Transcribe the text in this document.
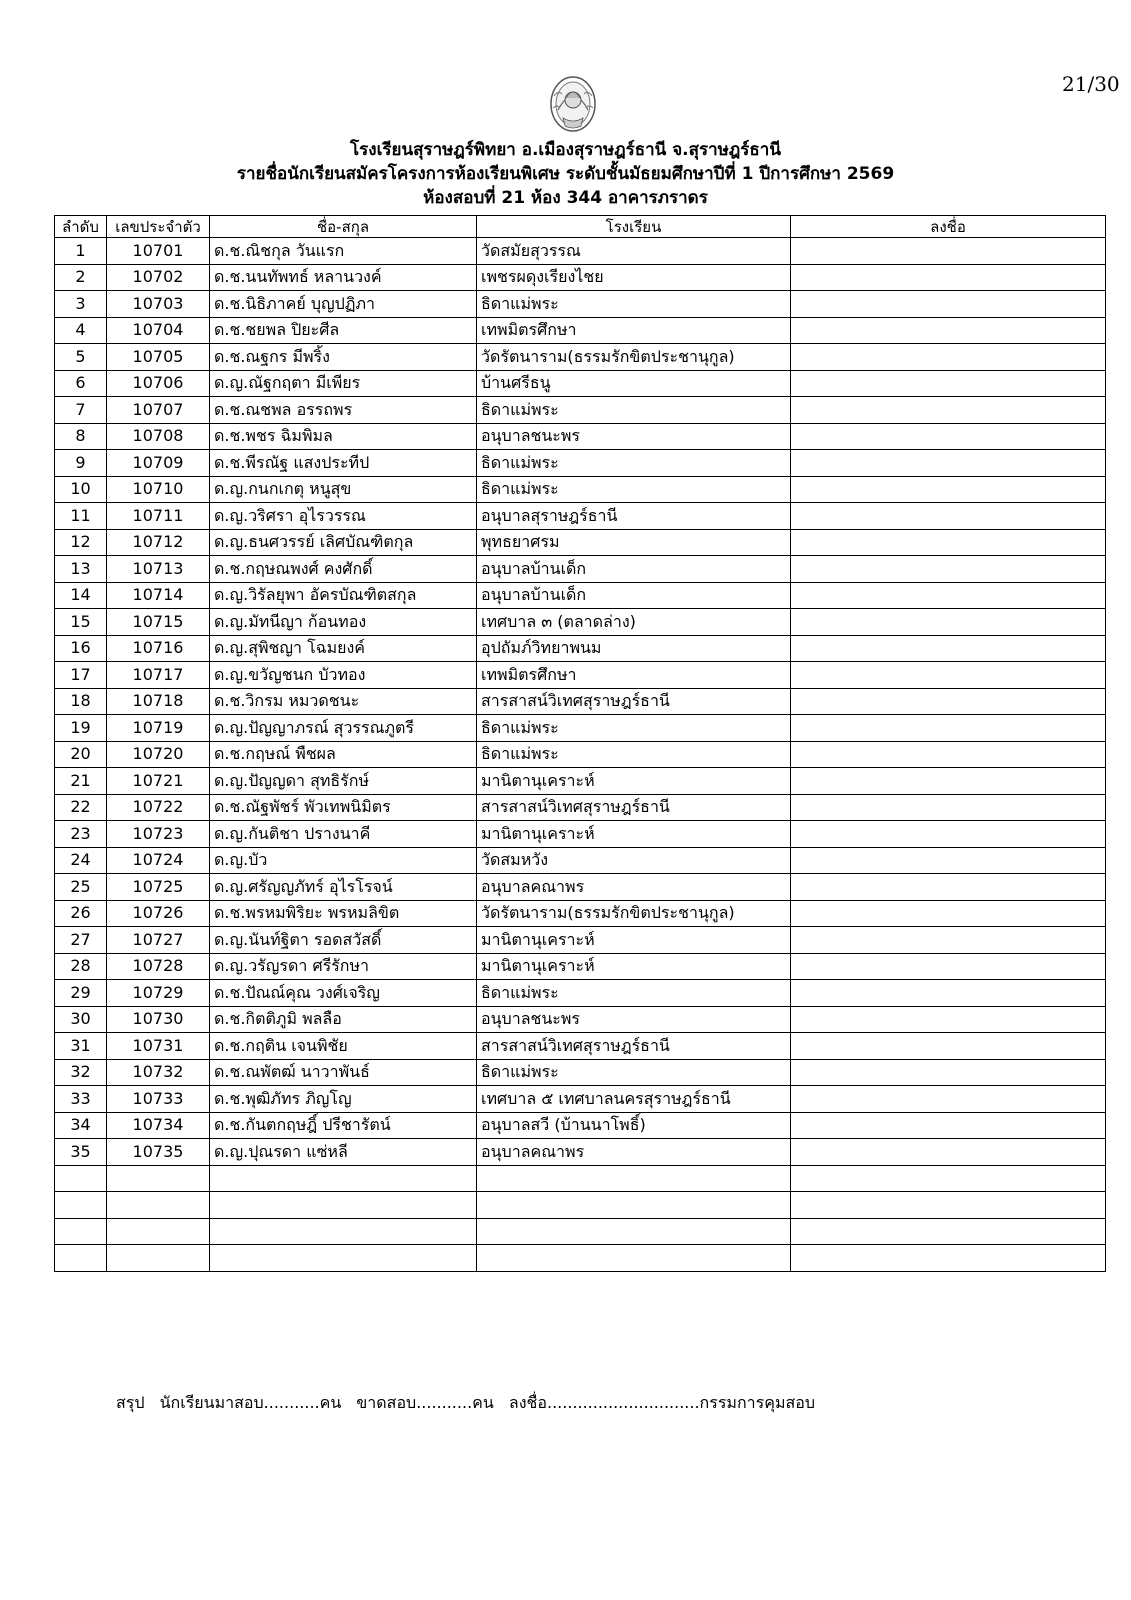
21/30
โรงเรียนสุราษฎร์พิทยา อ.เมืองสุราษฎร์ธานี จ.สุราษฎร์ธานี
รายชื่อนักเรียนสมัครโครงการห้องเรียนพิเศษ ระดับชั้นมัธยมศึกษาปีที่ 1 ปีการศึกษา 2569
ห้องสอบที่ 21 ห้อง 344 อาคารภราดร
ลำดับ	เลขประจำตัว	ชื่อ-สกุล	โรงเรียน	ลงชื่อ
1	10701	ด.ช.ณิชกุล วันแรก	วัดสมัยสุวรรณ	
2	10702	ด.ช.นนทัพทธ์ หลานวงค์	เพชรผดุงเรียงไชย	
3	10703	ด.ช.นิธิภาคย์ บุญปฏิภา	ธิดาแม่พระ	
4	10704	ด.ช.ชยพล ปิยะศีล	เทพมิตรศึกษา	
5	10705	ด.ช.ณฐกร มีพริ้ง	วัดรัตนาราม(ธรรมรักขิตประชานุกูล)	
6	10706	ด.ญ.ณัฐกฤตา มีเพียร	บ้านศรีธนู	
7	10707	ด.ช.ณชพล อรรถพร	ธิดาแม่พระ	
8	10708	ด.ช.พชร ฉิมพิมล	อนุบาลชนะพร	
9	10709	ด.ช.พีรณัฐ แสงประทีป	ธิดาแม่พระ	
10	10710	ด.ญ.กนกเกตุ หนูสุข	ธิดาแม่พระ	
11	10711	ด.ญ.วริศรา อุไรวรรณ	อนุบาลสุราษฎร์ธานี	
12	10712	ด.ญ.ธนศวรรย์ เลิศบัณฑิตกุล	พุทธยาศรม	
13	10713	ด.ช.กฤษณพงศ์ คงศักดิ์	อนุบาลบ้านเด็ก	
14	10714	ด.ญ.วิรัลยุพา อัครบัณฑิตสกุล	อนุบาลบ้านเด็ก	
15	10715	ด.ญ.มัทนีญา ก้อนทอง	เทศบาล ๓ (ตลาดล่าง)	
16	10716	ด.ญ.สุพิชญา โฉมยงค์	อุปถัมภ์วิทยาพนม	
17	10717	ด.ญ.ขวัญชนก บัวทอง	เทพมิตรศึกษา	
18	10718	ด.ช.วิกรม หมวดชนะ	สารสาสน์วิเทศสุราษฎร์ธานี	
19	10719	ด.ญ.ปัญญาภรณ์ สุวรรณภูตรี	ธิดาแม่พระ	
20	10720	ด.ช.กฤษณ์ พืชผล	ธิดาแม่พระ	
21	10721	ด.ญ.ปัญญดา สุทธิรักษ์	มานิตานุเคราะห์	
22	10722	ด.ช.ณัฐพัชร์ พัวเทพนิมิตร	สารสาสน์วิเทศสุราษฎร์ธานี	
23	10723	ด.ญ.กันติชา ปรางนาคี	มานิตานุเคราะห์	
24	10724	ด.ญ.บัว	วัดสมหวัง	
25	10725	ด.ญ.ศรัญญภัทร์ อุไรโรจน์	อนุบาลคณาพร	
26	10726	ด.ช.พรหมพิริยะ พรหมลิขิต	วัดรัตนาราม(ธรรมรักขิตประชานุกูล)	
27	10727	ด.ญ.นันท์ฐิตา รอดสวัสดิ์	มานิตานุเคราะห์	
28	10728	ด.ญ.วรัญรดา ศรีรักษา	มานิตานุเคราะห์	
29	10729	ด.ช.ปัณณ์คุณ วงศ์เจริญ	ธิดาแม่พระ	
30	10730	ด.ช.กิตติภูมิ พลลือ	อนุบาลชนะพร	
31	10731	ด.ช.กฤติน เจนพิชัย	สารสาสน์วิเทศสุราษฎร์ธานี	
32	10732	ด.ช.ณพัตฒ์ นาวาพันธ์	ธิดาแม่พระ	
33	10733	ด.ช.พุฒิภัทร ภิญโญ	เทศบาล ๕ เทศบาลนครสุราษฎร์ธานี	
34	10734	ด.ช.กันตกฤษฎิ์ ปรีชารัตน์	อนุบาลสวี (บ้านนาโพธิ์)	
35	10735	ด.ญ.ปุณรดา แซ่หลี	อนุบาลคณาพร	

สรุป นักเรียนมาสอบ...........คน ขาดสอบ...........คน ลงชื่อ..............................กรรมการคุมสอบ
